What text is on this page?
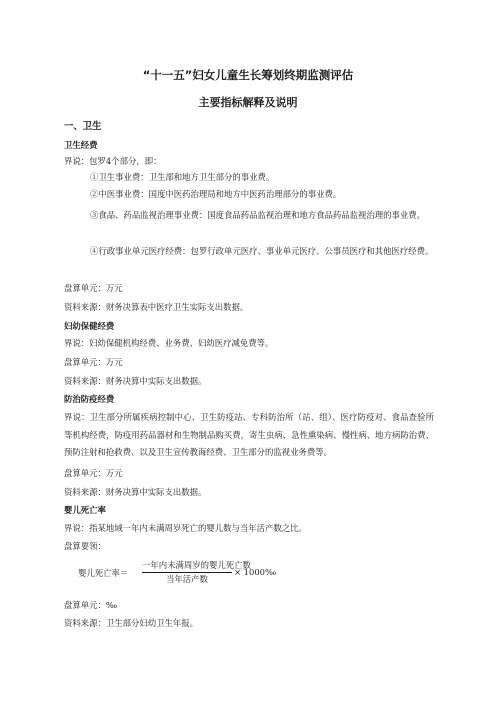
“十一五”妇女儿童生长筹划终期监测评估
主要指标解释及说明
一、卫生
卫生经费
界说：包罗4个部分，即：
①卫生事业费：卫生部和地方卫生部分的事业费。
②中医事业费：国度中医药治理局和地方中医药治理部分的事业费。
③食品、药品监视治理事业费：国度食品药品监视治理和地方食品药品监视治理的事业费。
④行政事业单元医疗经费：包罗行政单元医疗、事业单元医疗、公事员医疗和其他医疗经费。
盘算单元：万元
资料来源：财务决算表中医疗卫生实际支出数据。
妇幼保健经费
界说：妇幼保健机构经费、业务费、妇幼医疗减免费等。
盘算单元：万元
资料来源：财务决算中实际支出数据。
防治防疫经费
界说：卫生部分所属疾病控制中心、卫生防疫站、专科防治所（站、组）、医疗防疫对、食品查验所等机构经费，防疫用药品器材和生物制品购买费，寄生虫病、急性熏染病、慢性病、地方病防治费、预防注射和抢救费、以及卫生宣传教诲经费、卫生部分的监视业务费等。
盘算单元：万元
资料来源：财务决算中实际支出数据。
婴儿死亡率
界说：指某地域一年内未满周岁死亡的婴儿数与当年活产数之比。
盘算要领：
婴儿死亡率＝
一年内未满周岁的婴儿死亡数
当年活产数
× 1000‰
盘算单元：‰
资料来源：卫生部分妇幼卫生年报。
